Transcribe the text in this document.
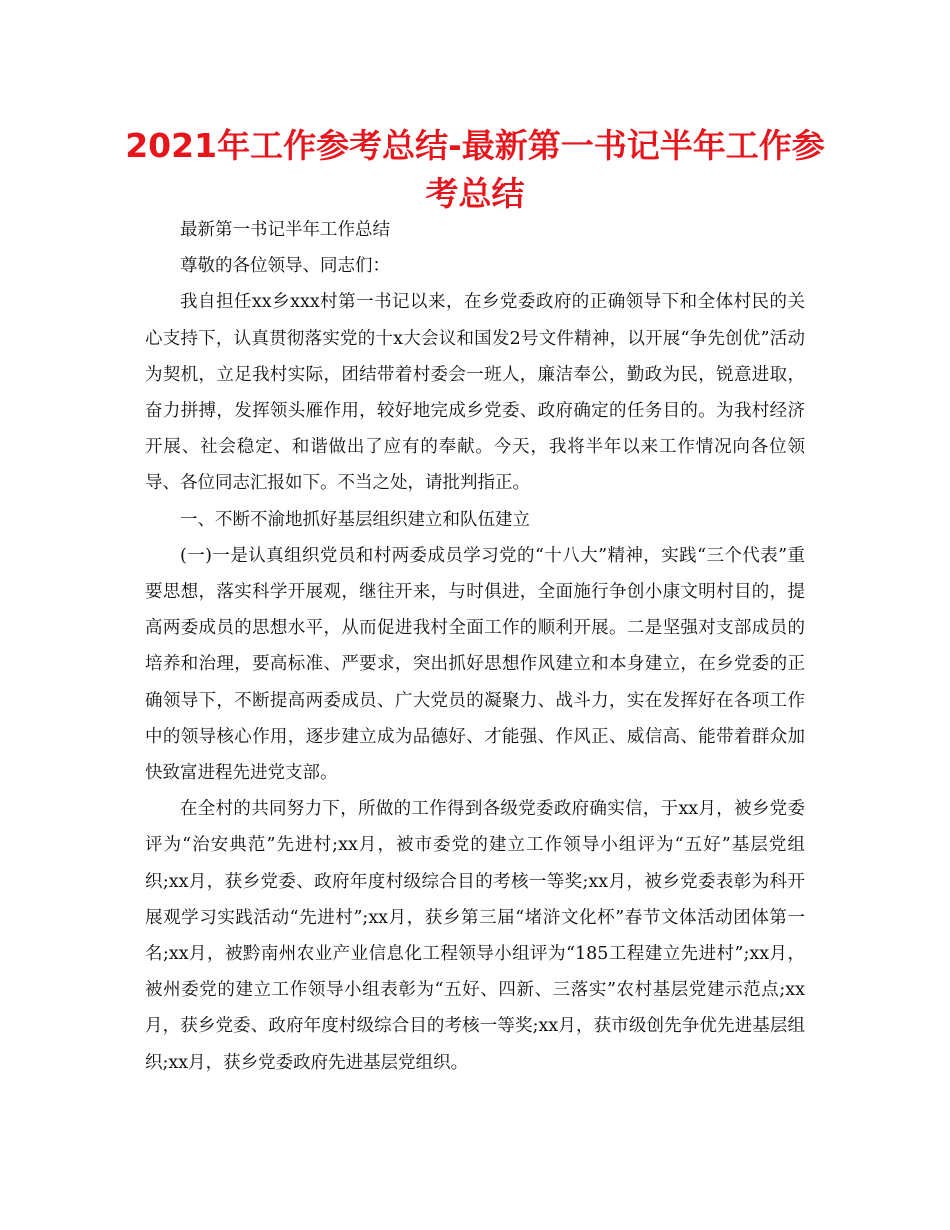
2021年工作参考总结-最新第一书记半年工作参考总结

最新第一书记半年工作总结

尊敬的各位领导、同志们：

我自担任xx乡xxx村第一书记以来，在乡党委政府的正确领导下和全体村民的关心支持下，认真贯彻落实党的十x大会议和国发2号文件精神，以开展“争先创优”活动为契机，立足我村实际，团结带着村委会一班人，廉洁奉公，勤政为民，锐意进取，奋力拼搏，发挥领头雁作用，较好地完成乡党委、政府确定的任务目的。为我村经济开展、社会稳定、和谐做出了应有的奉献。今天，我将半年以来工作情况向各位领导、各位同志汇报如下。不当之处，请批判指正。

一、不断不渝地抓好基层组织建立和队伍建立

(一)一是认真组织党员和村两委成员学习党的“十八大”精神，实践“三个代表”重要思想，落实科学开展观，继往开来，与时俱进，全面施行争创小康文明村目的，提高两委成员的思想水平，从而促进我村全面工作的顺利开展。二是坚强对支部成员的培养和治理，要高标准、严要求，突出抓好思想作风建立和本身建立，在乡党委的正确领导下，不断提高两委成员、广大党员的凝聚力、战斗力，实在发挥好在各项工作中的领导核心作用，逐步建立成为品德好、才能强、作风正、威信高、能带着群众加快致富进程先进党支部。

在全村的共同努力下，所做的工作得到各级党委政府确实信，于xx月，被乡党委评为“治安典范”先进村;xx月，被市委党的建立工作领导小组评为“五好”基层党组织;xx月，获乡党委、政府年度村级综合目的考核一等奖;xx月，被乡党委表彰为科开展观学习实践活动“先进村”;xx月，获乡第三届“堵浒文化杯”春节文体活动团体第一名;xx月，被黔南州农业产业信息化工程领导小组评为“185工程建立先进村”;xx月，被州委党的建立工作领导小组表彰为“五好、四新、三落实”农村基层党建示范点;xx月，获乡党委、政府年度村级综合目的考核一等奖;xx月，获市级创先争优先进基层组织;xx月，获乡党委政府先进基层党组织。
